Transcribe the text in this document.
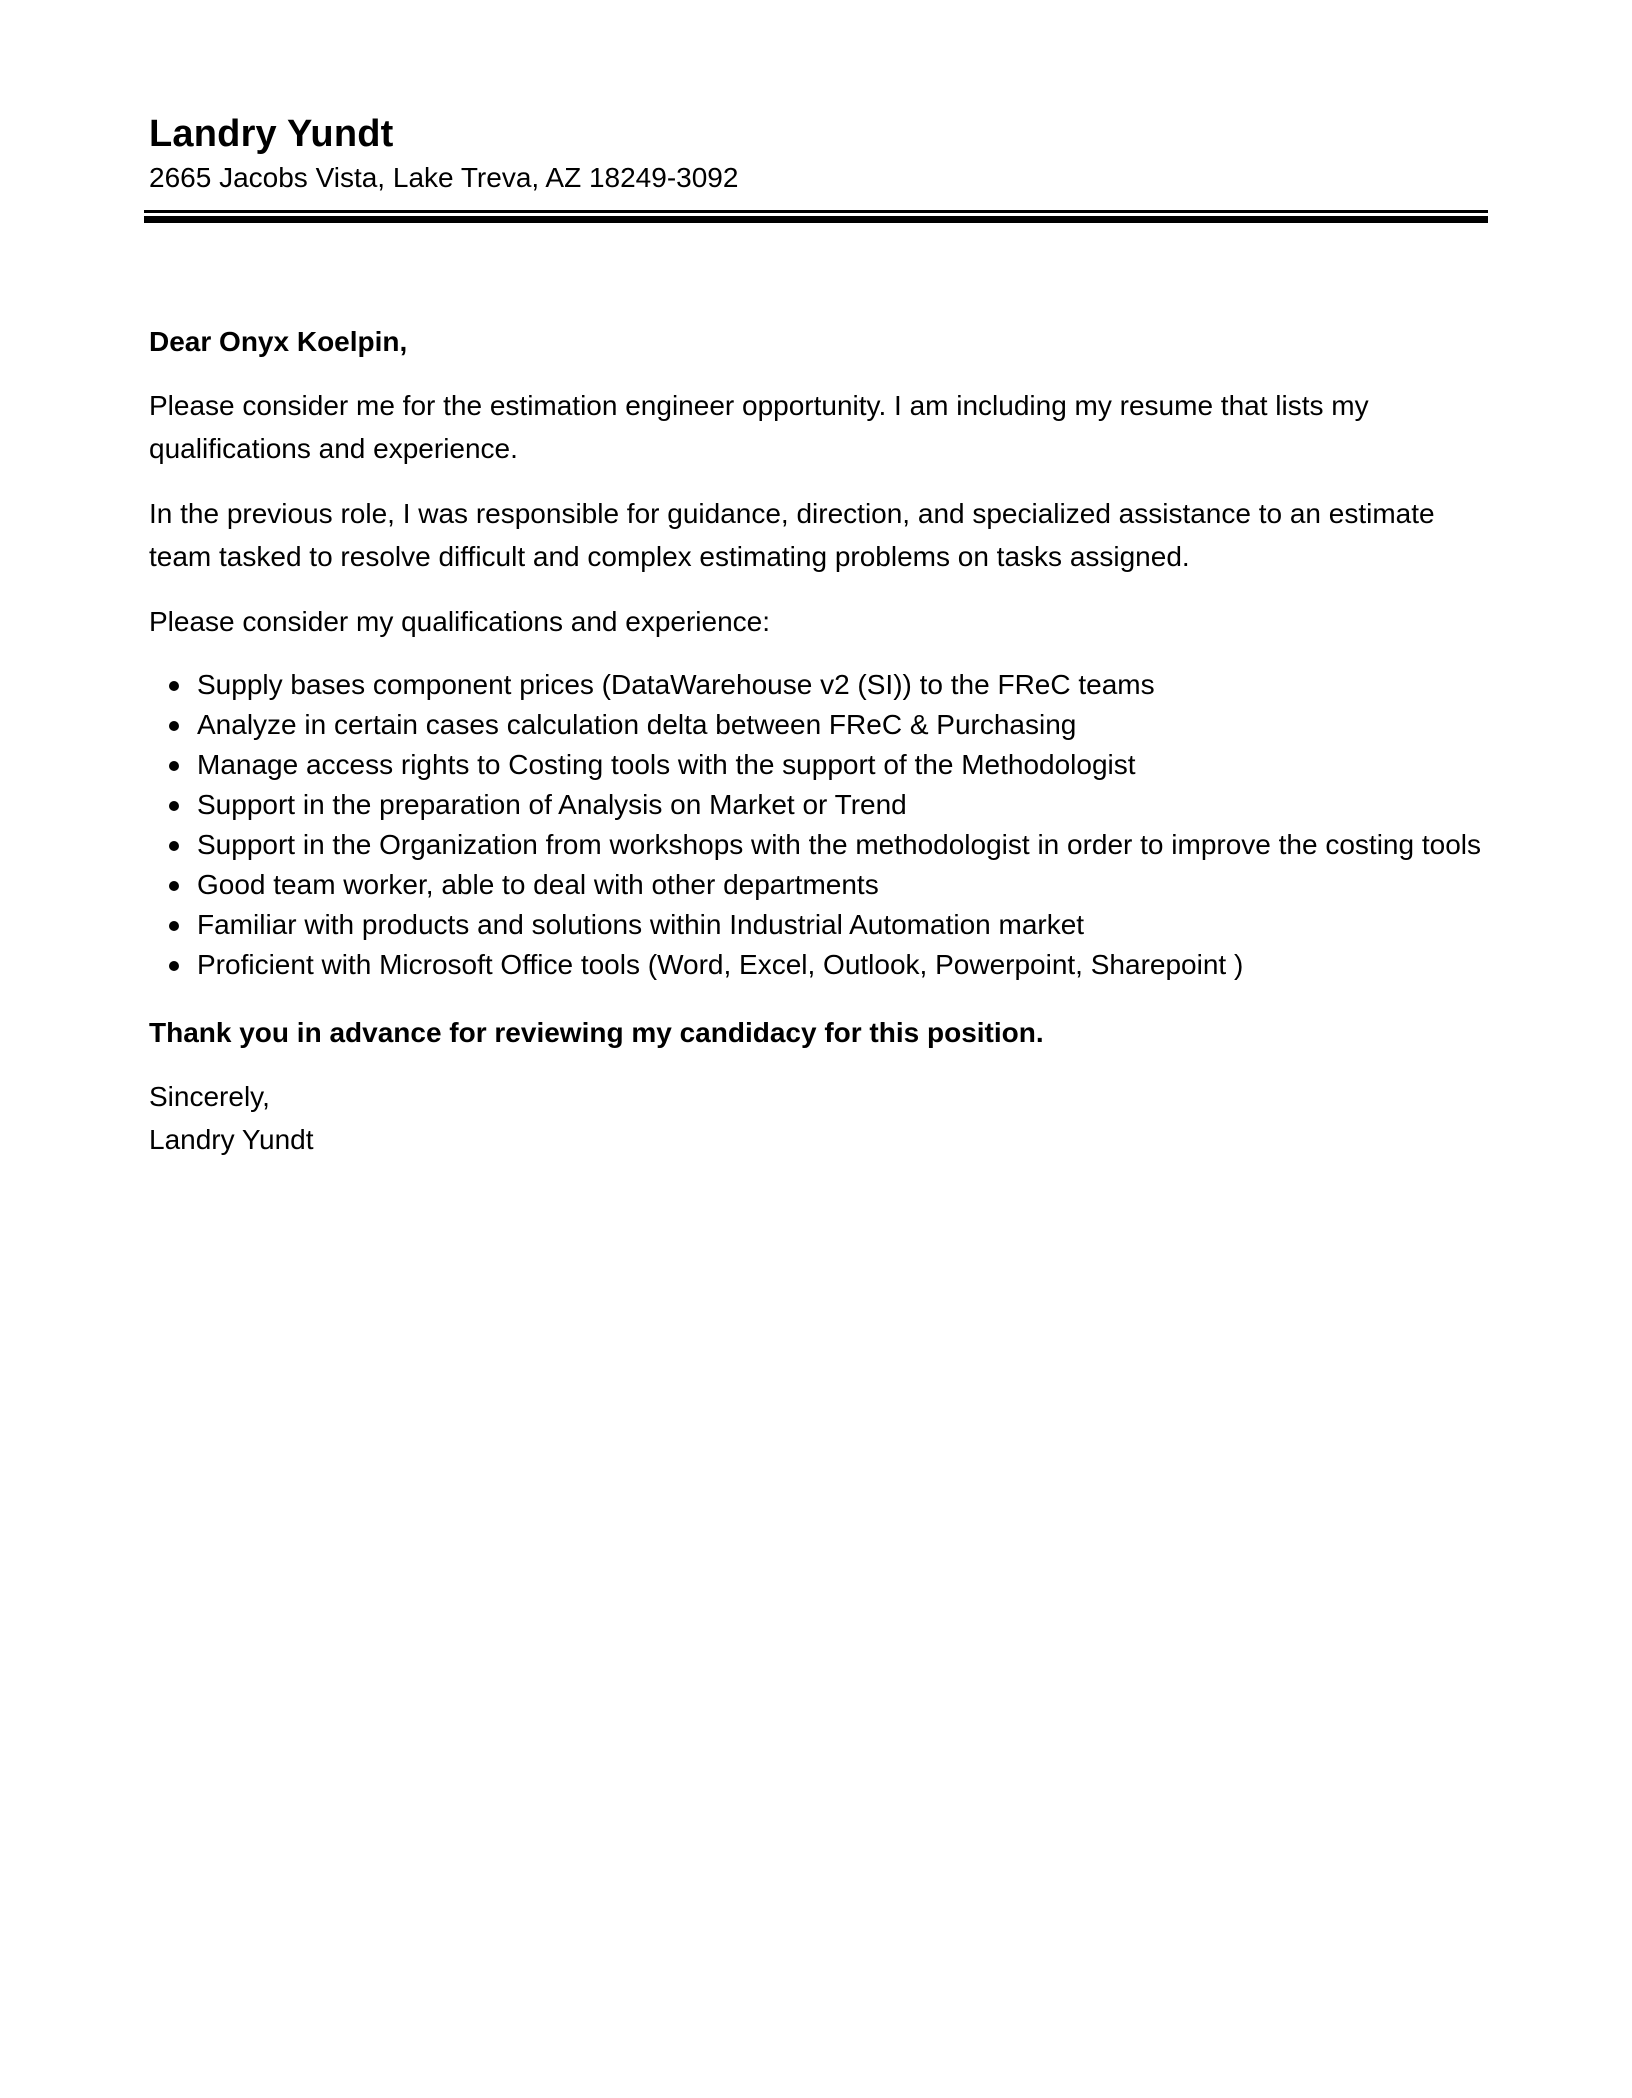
Landry Yundt

2665 Jacobs Vista, Lake Treva, AZ 18249-3092

Dear Onyx Koelpin,

Please consider me for the estimation engineer opportunity. I am including my resume that lists my qualifications and experience.

In the previous role, I was responsible for guidance, direction, and specialized assistance to an estimate team tasked to resolve difficult and complex estimating problems on tasks assigned.

Please consider my qualifications and experience:

Supply bases component prices (DataWarehouse v2 (SI)) to the FReC teams
Analyze in certain cases calculation delta between FReC & Purchasing
Manage access rights to Costing tools with the support of the Methodologist
Support in the preparation of Analysis on Market or Trend
Support in the Organization from workshops with the methodologist in order to improve the costing tools
Good team worker, able to deal with other departments
Familiar with products and solutions within Industrial Automation market
Proficient with Microsoft Office tools (Word, Excel, Outlook, Powerpoint, Sharepoint )

Thank you in advance for reviewing my candidacy for this position.

Sincerely,

Landry Yundt
